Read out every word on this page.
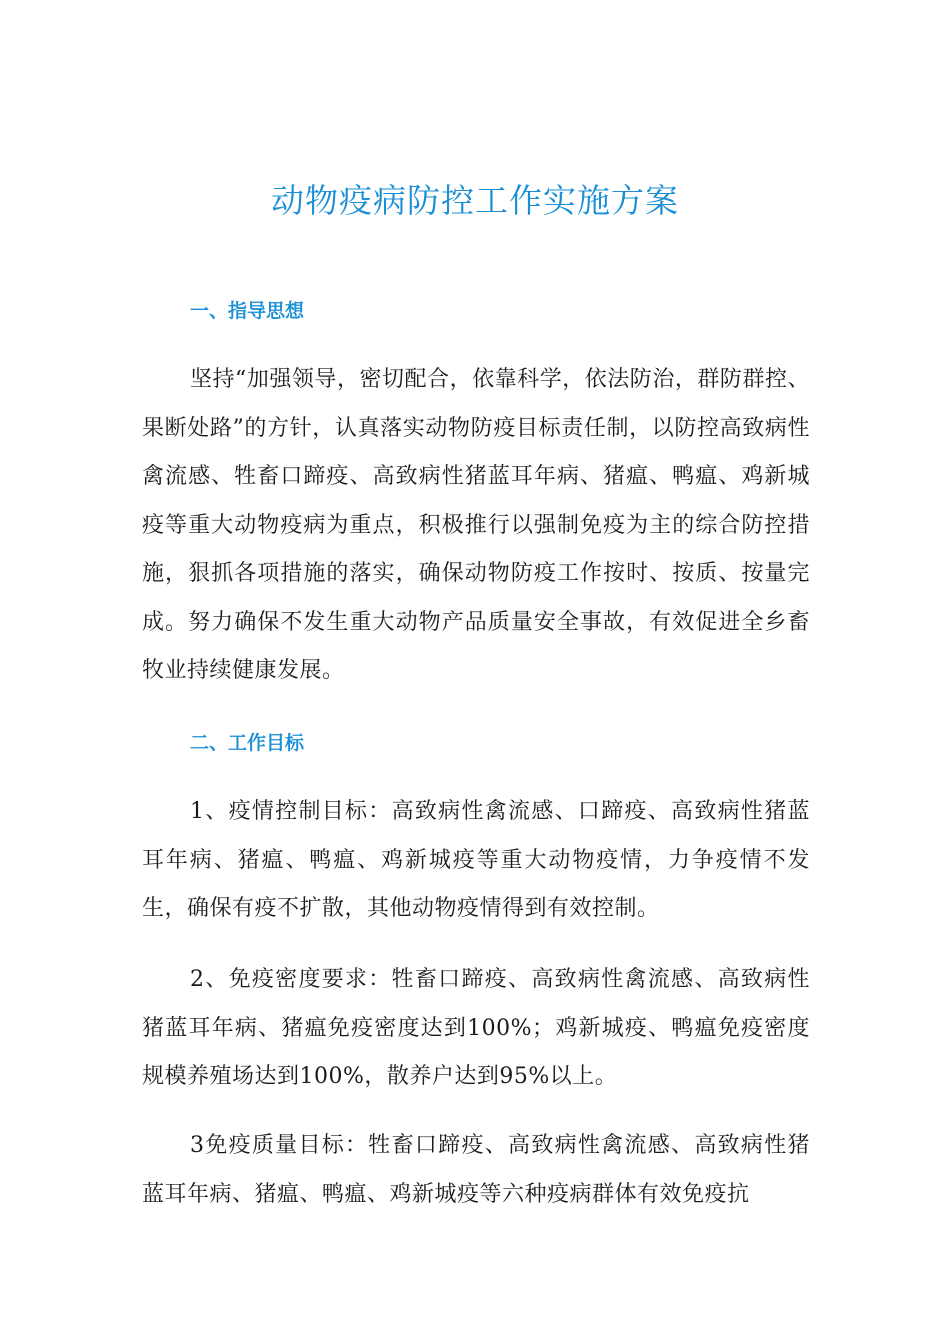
动物疫病防控工作实施方案
一、指导思想
坚持“加强领导，密切配合，依靠科学，依法防治，群防群控、果断处路”的方针，认真落实动物防疫目标责任制，以防控高致病性禽流感、牲畜口蹄疫、高致病性猪蓝耳年病、猪瘟、鸭瘟、鸡新城疫等重大动物疫病为重点，积极推行以强制免疫为主的综合防控措施，狠抓各项措施的落实，确保动物防疫工作按时、按质、按量完成。努力确保不发生重大动物产品质量安全事故，有效促进全乡畜牧业持续健康发展。
二、工作目标
1、疫情控制目标：高致病性禽流感、口蹄疫、高致病性猪蓝耳年病、猪瘟、鸭瘟、鸡新城疫等重大动物疫情，力争疫情不发生，确保有疫不扩散，其他动物疫情得到有效控制。
2、免疫密度要求：牲畜口蹄疫、高致病性禽流感、高致病性猪蓝耳年病、猪瘟免疫密度达到100%；鸡新城疫、鸭瘟免疫密度规模养殖场达到100%，散养户达到95%以上。
3免疫质量目标：牲畜口蹄疫、高致病性禽流感、高致病性猪蓝耳年病、猪瘟、鸭瘟、鸡新城疫等六种疫病群体有效免疫抗
